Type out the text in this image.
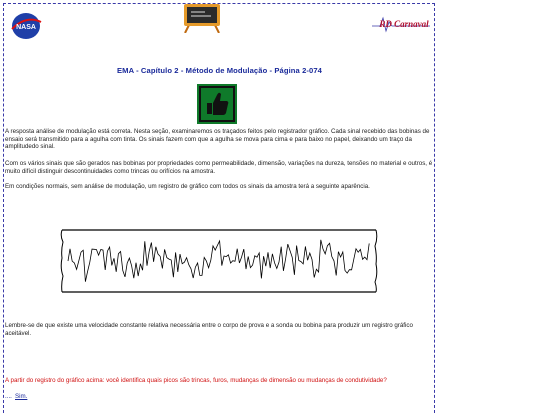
NASA	RD Carnaval
EMA - Capítulo 2 - Método de Modulação - Página 2-074

A resposta análise de modulação está correta. Nesta seção, examinaremos os traçados feitos pelo registrador gráfico. Cada sinal recebido das bobinas de ensaio será transmitido para a agulha com tinta. Os sinais fazem com que a agulha se mova para cima e para baixo no papel, deixando um traço da amplitudedo sinal.

Com os vários sinais que são gerados nas bobinas por propriedades como permeabilidade, dimensão, variações na dureza, tensões no material e outros, é muito difícil distinguir descontinuidades como trincas ou orifícios na amostra.

Em condições normais, sem análise de modulação, um registro de gráfico com todos os sinais da amostra terá a seguinte aparência.

Lembre-se de que existe uma velocidade constante relativa necessária entre o corpo de prova e a sonda ou bobina para produzir um registro gráfico aceitável.

A partir do registro do gráfico acima: você identifica quais picos são trincas, furos, mudanças de dimensão ou mudanças de condutividade?

.... Sim.
